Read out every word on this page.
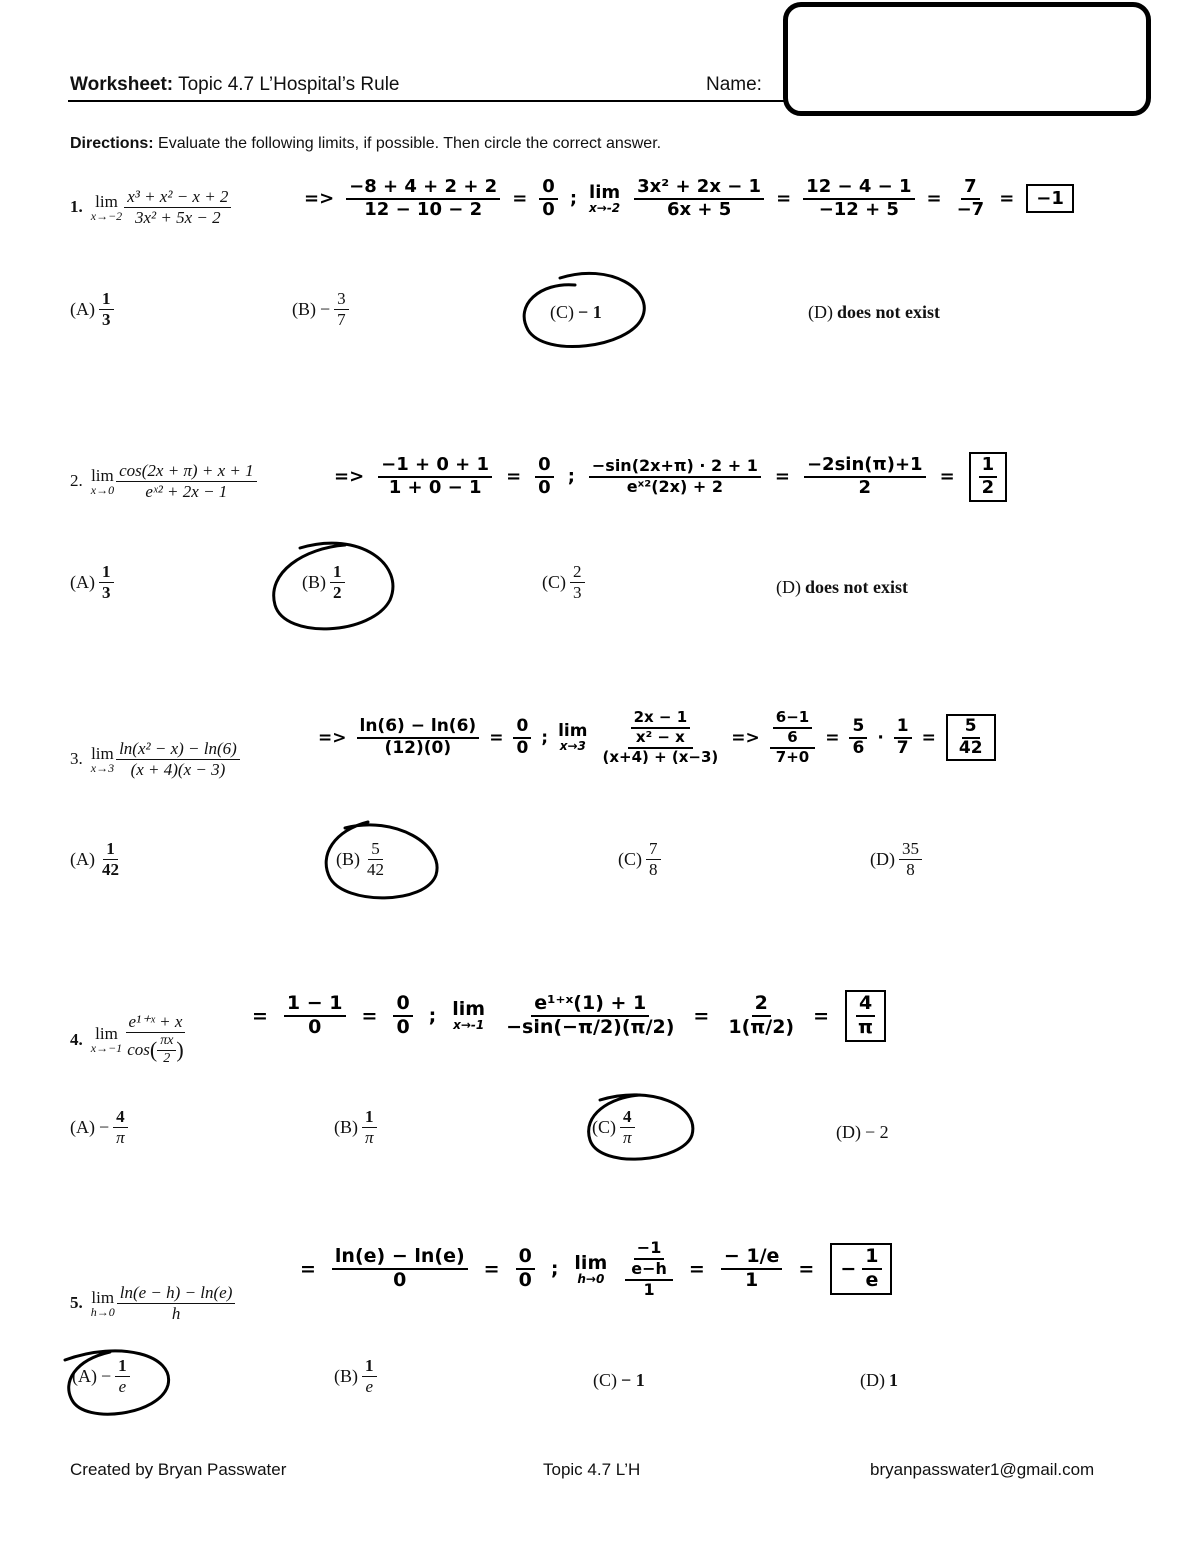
Worksheet: Topic 4.7 L’Hospital’s Rule	Name:
Directions: Evaluate the following limits, if possible. Then circle the correct answer.
1. lim
$x\to-2 \frac{\text{x³ + x² − x + 2}}{\text{3x² + 5x − 2}}$	=> $\frac{-8 + 4 + 2 + 2}{12 - 10 - 2} = \frac{0}{0}$ ; lim
$x\to-2 \frac{\text{3x² + 2x − 1}}{6x + 5} = \frac{12 - 4 - 1}{-12 + 5} = \frac{7}{-7}$ =	−1
$(A) \frac{1}{3}$	$(B) - \frac{3}{7}$	(C) − 1	(D) does not exist
2. lim
$x\to 0 \frac{\cos(2x + \pi) + x + 1}{\text{eˣ² + 2x − 1}}$	=> $\frac{-1 + 0 + 1}{1 + 0 - 1} = \frac{0}{0}$ ; $\frac{-\sin(2x+\pi) \cdot 2 + 1}{\text{eˣ²(2x) + 2}} = \frac{-2\sin(\pi)+1}{2} = \frac{1}{2}$
$(A) \frac{1}{3}$	$(B) \frac{1}{2}$	$(C) \frac{2}{3}$	(D) does not exist
3. lim
$x\to 3 \frac{\text{ln(x² − x) − ln(6)}}{(x + 4)(x - 3)}$
=> $\frac{\ln(6) - \ln(6)}{(12)(0)} = \frac{0}{0}$ ; lim
$x\to 3 \frac{\frac{2x - 1}{\text{x² − x}}}{(x+4) + (x-3)} => \frac{\frac{6-1}{6}}{7+0} = \frac{5}{6} \cdot \frac{1}{7} = \frac{5}{42}$
$(A) \frac{1}{42}$	$(B) \frac{5}{42}$	$(C) \frac{7}{8}$	$(D) \frac{35}{8}$
4. lim
$x\to-1 \frac{\text{e¹⁺ˣ + x}}{\cos ( \frac{\pi x}{2} )}$	= $\frac{1 - 1}{0} = \frac{0}{0}$ ; lim
$x\to-1 \frac{\text{e¹⁺ˣ(1) + 1}}{-\sin(-\pi/2)(\pi/2)} = \frac{2}{1(\pi/2)} = \frac{4}{\pi}$
$(A) - \frac{4}{\pi}$	$(B) \frac{1}{\pi}$	$(C) \frac{4}{\pi}$	(D) − 2
5. lim
$h\to 0 \frac{\ln(e - h) - \ln(e)}{h}$
= $\frac{\ln(e) - \ln(e)}{0} = \frac{0}{0}$ ; lim
$h\to 0 \frac{\frac{-1}{e-h}}{1} = \frac{- 1/e}{1}$ = − $\frac{1}{e}$
$(A) - \frac{1}{e}$	$(B) \frac{1}{e}$	(C) − 1	(D) 1
Created by Bryan Passwater	Topic 4.7 L’H	bryanpasswater1@gmail.com
